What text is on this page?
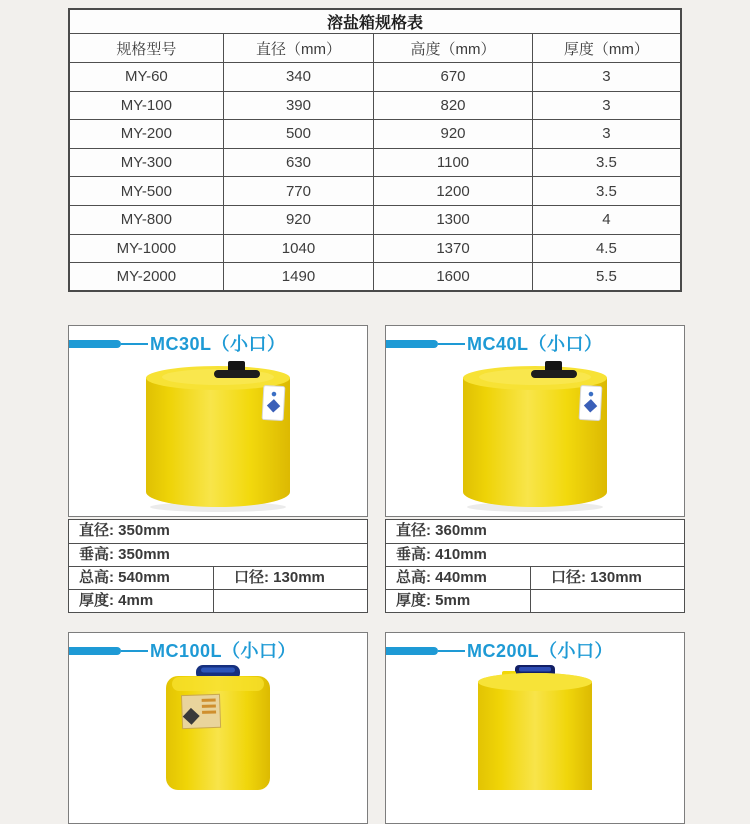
溶盐箱规格表			
规格型号	直径（mm）	高度（mm）	厚度（mm）
MY-60	340	670	3
MY-100	390	820	3
MY-200	500	920	3
MY-300	630	1100	3.5
MY-500	770	1200	3.5
MY-800	920	1300	4
MY-1000	1040	1370	4.5
MY-2000	1490	1600	5.5
MC30L（小口）
直径: 350mm
垂高: 350mm
总高: 540mm	口径: 130mm
厚度: 4mm
MC40L（小口）
直径: 360mm
垂高: 410mm
总高: 440mm	口径: 130mm
厚度: 5mm
MC100L（小口）	MC200L（小口）
